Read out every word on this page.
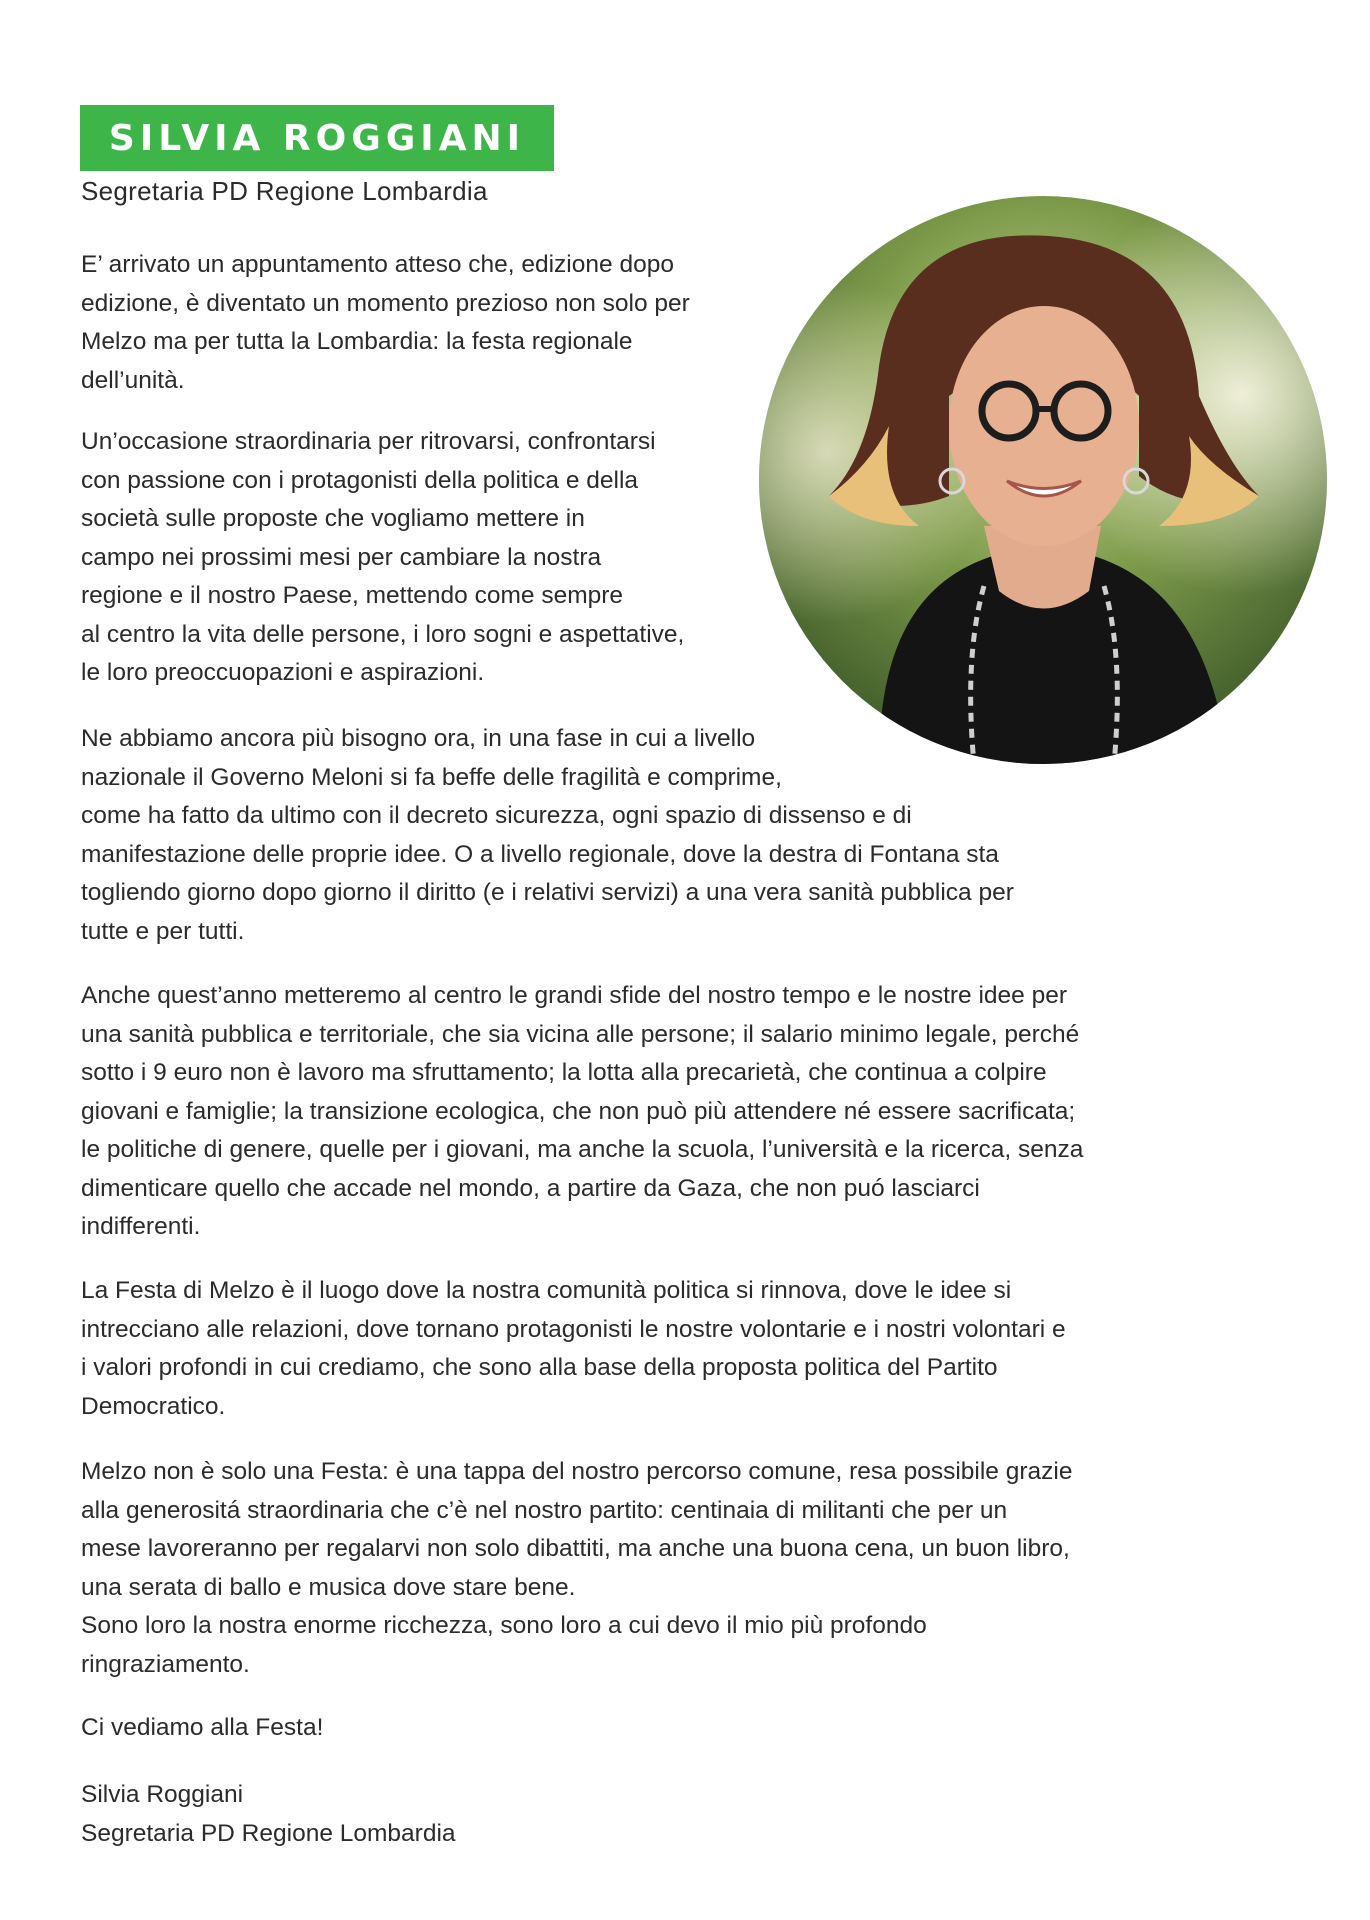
SILVIA ROGGIANI
Segretaria PD Regione Lombardia
E’ arrivato un appuntamento atteso che, edizione dopo
edizione, è diventato un momento prezioso non solo per
Melzo ma per tutta la Lombardia: la festa regionale
dell’unità.
Un’occasione straordinaria per ritrovarsi, confrontarsi
con passione con i protagonisti della politica e della
società sulle proposte che vogliamo mettere in
campo nei prossimi mesi per cambiare la nostra
regione e il nostro Paese, mettendo come sempre
al centro la vita delle persone, i loro sogni e aspettative,
le loro preocc​uopazioni e aspirazioni.
Ne abbiamo ancora più bisogno ora, in una fase in cui a livello
nazionale il Governo Meloni si fa beffe delle fragilità e comprime,
come ha fatto da ultimo con il decreto sicurezza, ogni spazio di dissenso e di
manifestazione delle proprie idee. O a livello regionale, dove la destra di Fontana sta
togliendo giorno dopo giorno il diritto (e i relativi servizi) a una vera sanità pubblica per
tutte e per tutti.
Anche quest’anno metteremo al centro le grandi sfide del nostro tempo e le nostre idee per
una sanità pubblica e territoriale, che sia vicina alle persone; il salario minimo legale, perché
sotto i 9 euro non è lavoro ma sfruttamento; la lotta alla precarietà, che continua a colpire
giovani e famiglie; la transizione ecologica, che non può più attendere né essere sacrificata;
le politiche di genere, quelle per i giovani, ma anche la scuola, l’università e la ricerca, senza
dimenticare quello che accade nel mondo, a partire da Gaza, che non puó lasciarci
indifferenti.
La Festa di Melzo è il luogo dove la nostra comunità politica si rinnova, dove le idee si
intrecciano alle relazioni, dove tornano protagonisti le nostre volontarie e i nostri volontari e
i valori profondi in cui crediamo, che sono alla base della proposta politica del Partito
Democratico.
Melzo non è solo una Festa: è una tappa del nostro percorso comune, resa possibile grazie
alla generositá straordinaria che c’è nel nostro partito: centinaia di militanti che per un
mese lavoreranno per regalarvi non solo dibattiti, ma anche una buona cena, un buon libro,
una serata di ballo e musica dove stare bene.
Sono loro la nostra enorme ricchezza, sono loro a cui devo il mio più profondo
ringraziamento.
Ci vediamo alla Festa!
Silvia Roggiani
Segretaria PD Regione Lombardia
